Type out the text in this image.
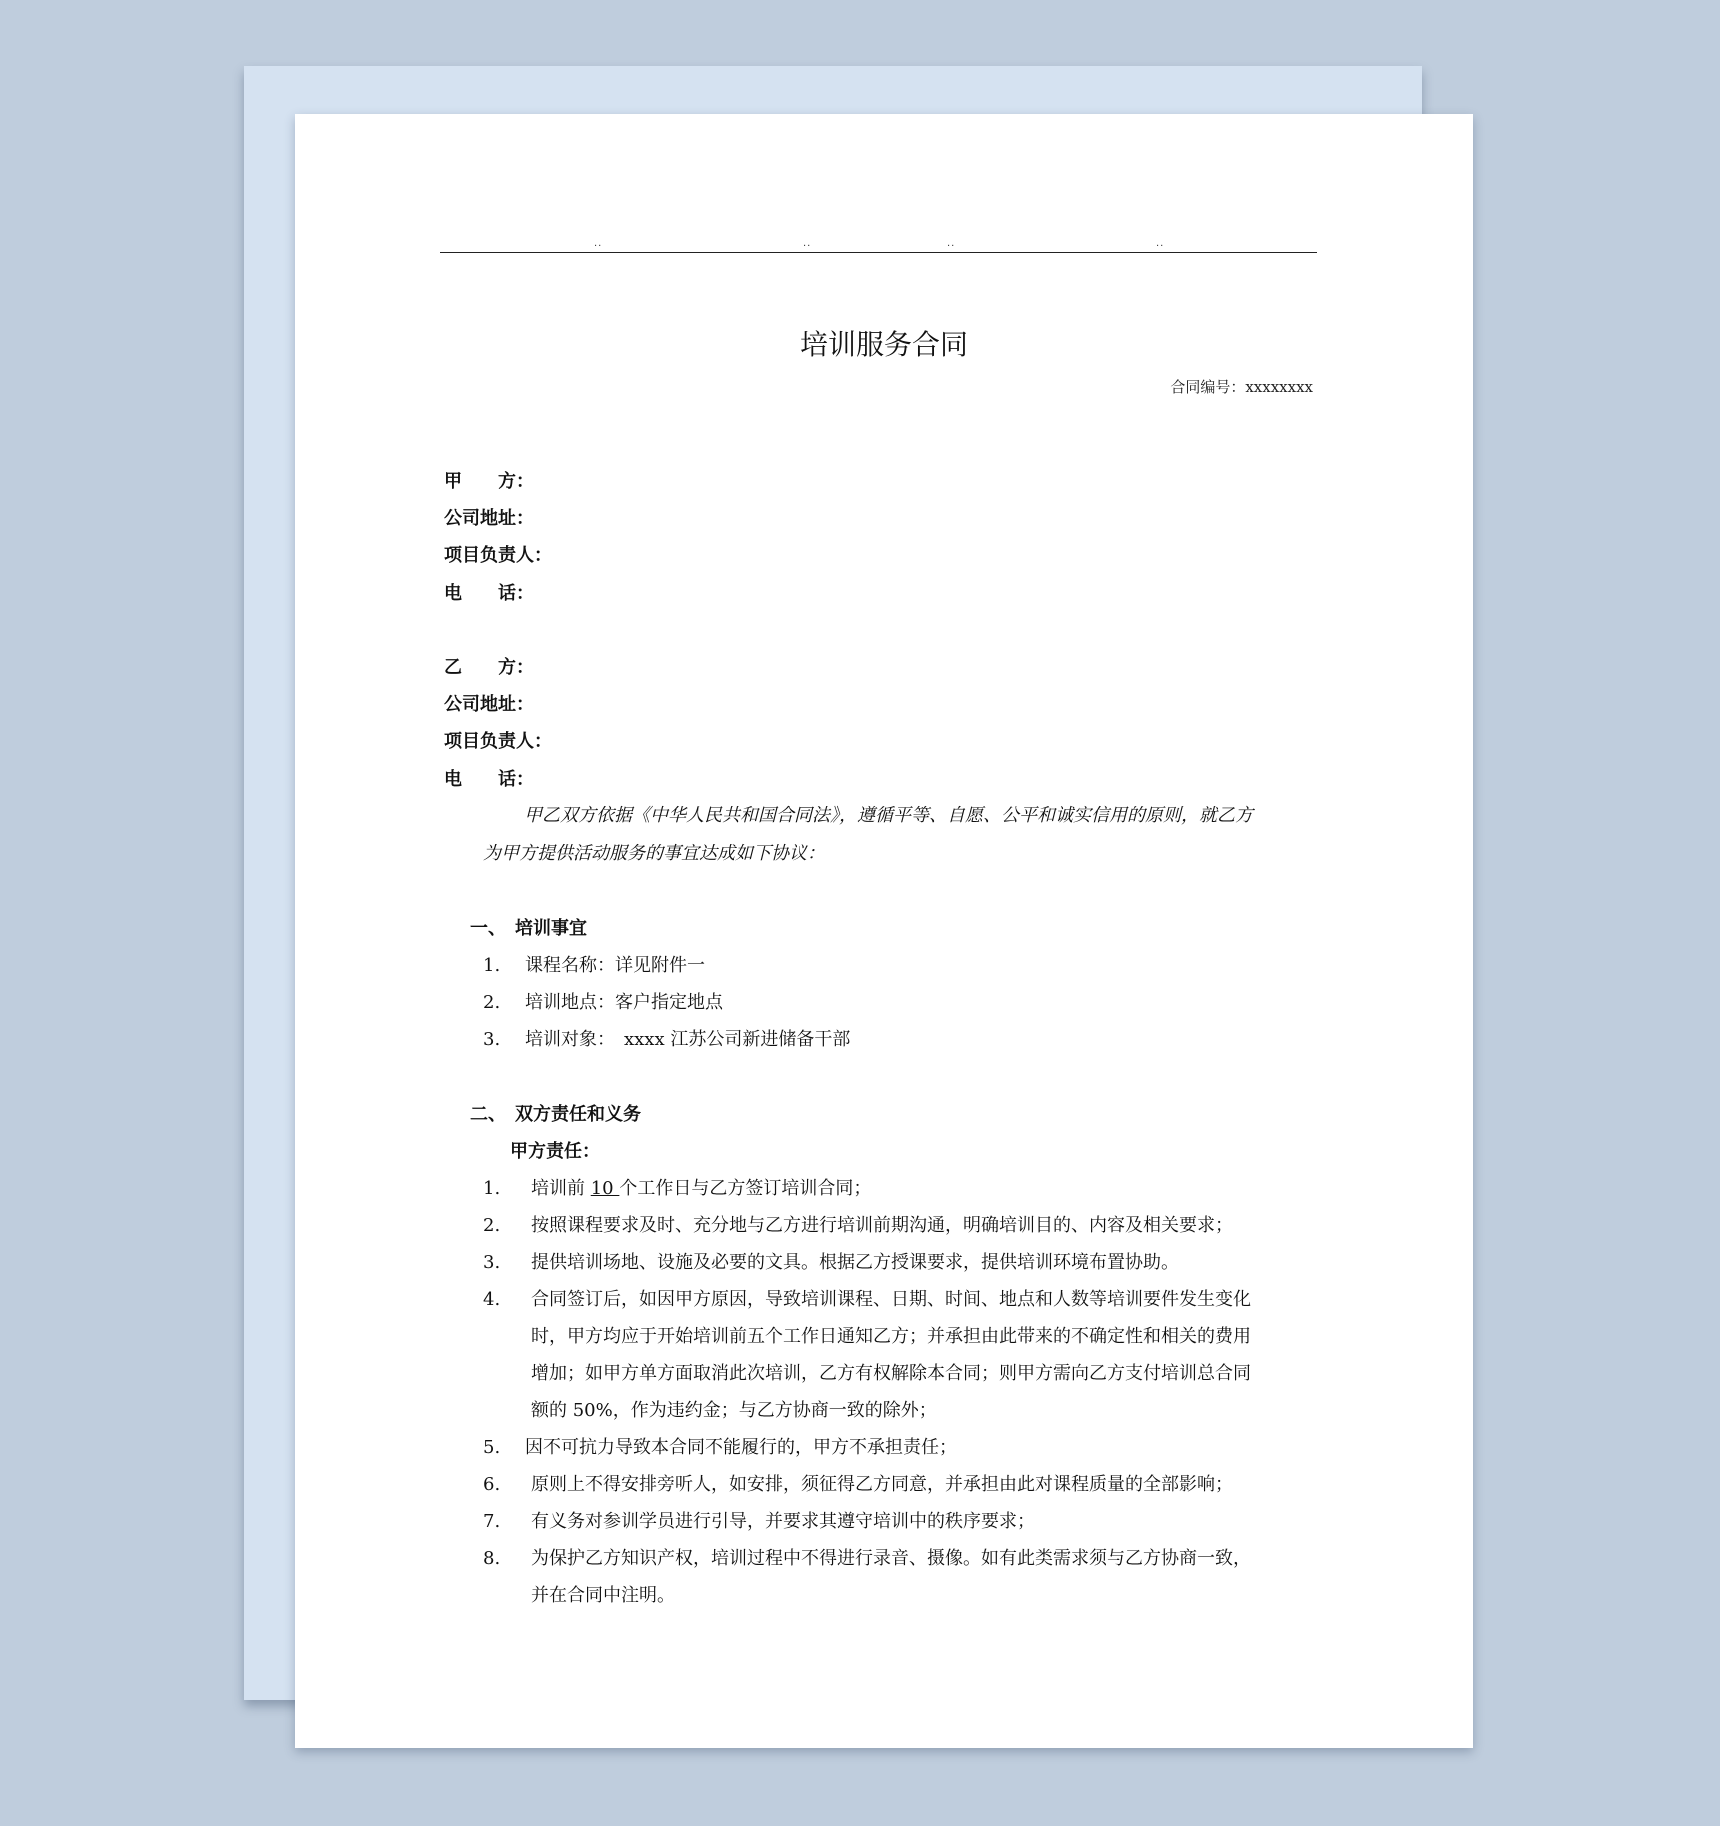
..	..	..	..
培训服务合同
合同编号：xxxxxxxx
甲　　方：
公司地址：
项目负责人：
电　　话：
乙　　方：
公司地址：
项目负责人：
电　　话：
甲乙双方依据《中华人民共和国合同法》，遵循平等、自愿、公平和诚实信用的原则，就乙方
为甲方提供活动服务的事宜达成如下协议：
一、　培训事宜
1. 课程名称：详见附件一
2. 培训地点：客户指定地点
3. 培训对象：　xxxx 江苏公司新进储备干部
二、　双方责任和义务
甲方责任：
1. 培训前 10 个工作日与乙方签订培训合同；
2. 按照课程要求及时、充分地与乙方进行培训前期沟通，明确培训目的、内容及相关要求；
3. 提供培训场地、设施及必要的文具。根据乙方授课要求，提供培训环境布置协助。
4. 合同签订后，如因甲方原因，导致培训课程、日期、时间、地点和人数等培训要件发生变化
时，甲方均应于开始培训前五个工作日通知乙方；并承担由此带来的不确定性和相关的费用
增加；如甲方单方面取消此次培训，乙方有权解除本合同；则甲方需向乙方支付培训总合同
额的 50%，作为违约金；与乙方协商一致的除外；
5. 因不可抗力导致本合同不能履行的，甲方不承担责任；
6. 原则上不得安排旁听人，如安排，须征得乙方同意，并承担由此对课程质量的全部影响；
7. 有义务对参训学员进行引导，并要求其遵守培训中的秩序要求；
8. 为保护乙方知识产权，培训过程中不得进行录音、摄像。如有此类需求须与乙方协商一致，
并在合同中注明。
